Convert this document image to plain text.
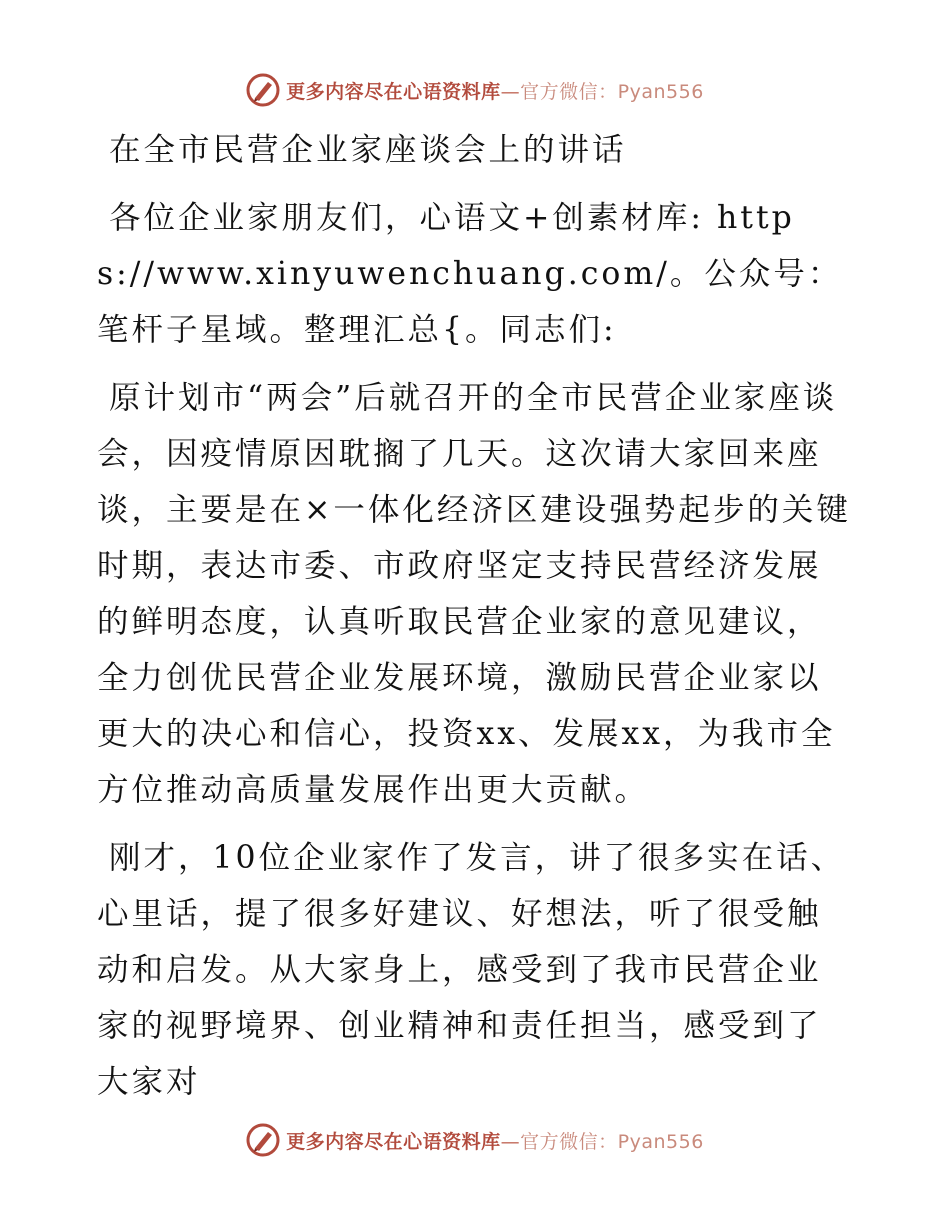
更多内容尽在心语资料库—官方微信：Pyan556

在全市民营企业家座谈会上的讲话

各位企业家朋友们，心语文+创素材库: https://www.xinyuwenchuang.com/。公众号：笔杆子星域。整理汇总{。同志们:

原计划市“两会”后就召开的全市民营企业家座谈会，因疫情原因耽搁了几天。这次请大家回来座谈，主要是在×一体化经济区建设强势起步的关键时期，表达市委、市政府坚定支持民营经济发展的鲜明态度，认真听取民营企业家的意见建议，全力创优民营企业发展环境，激励民营企业家以更大的决心和信心，投资xx、发展xx，为我市全方位推动高质量发展作出更大贡献。

刚才，10位企业家作了发言，讲了很多实在话、心里话，提了很多好建议、好想法，听了很受触动和启发。从大家身上，感受到了我市民营企业家的视野境界、创业精神和责任担当，感受到了大家对

更多内容尽在心语资料库—官方微信：Pyan556
